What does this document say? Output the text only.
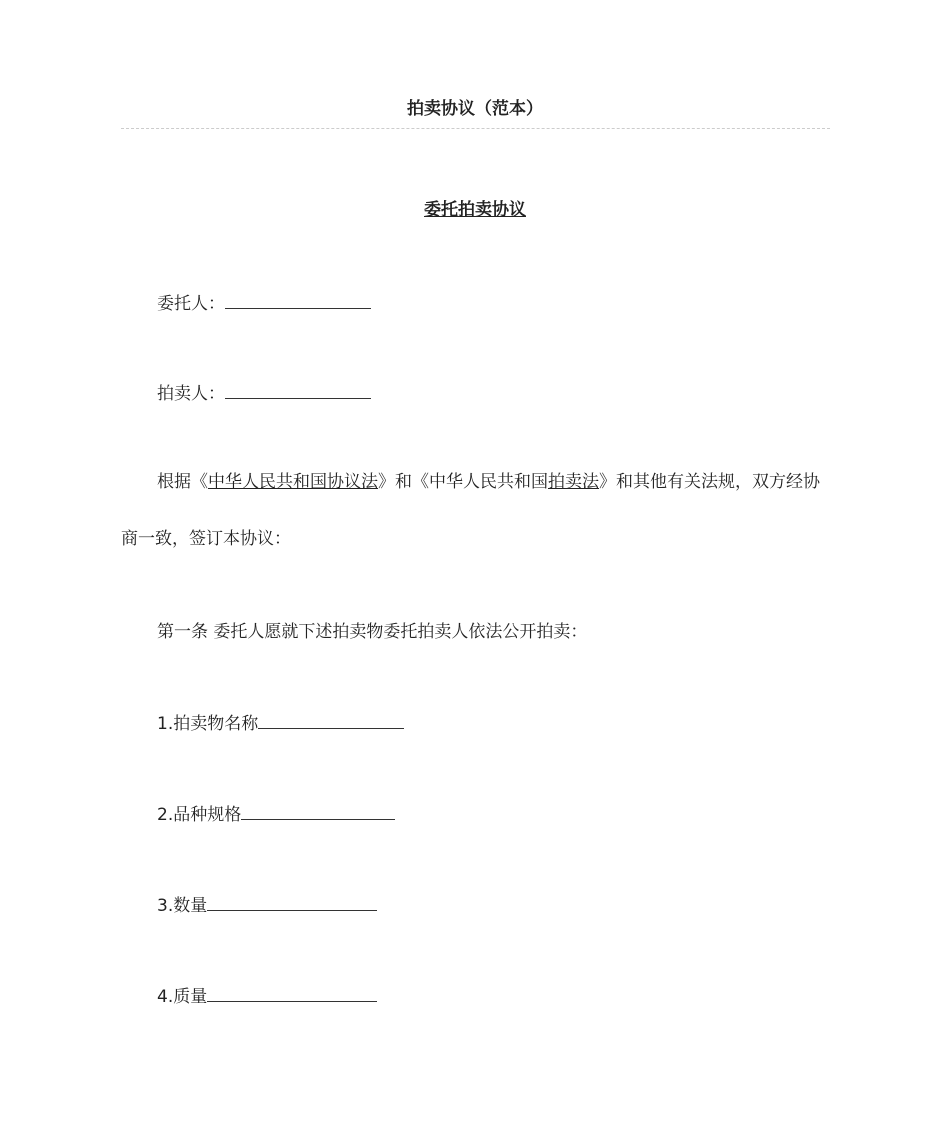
拍卖协议（范本）
委托拍卖协议
委托人：
拍卖人：
根据《中华人民共和国协议法》和《中华人民共和国拍卖法》和其他有关法规，双方经协商一致，签订本协议：
第一条 委托人愿就下述拍卖物委托拍卖人依法公开拍卖：
1.拍卖物名称
2.品种规格
3.数量
4.质量
